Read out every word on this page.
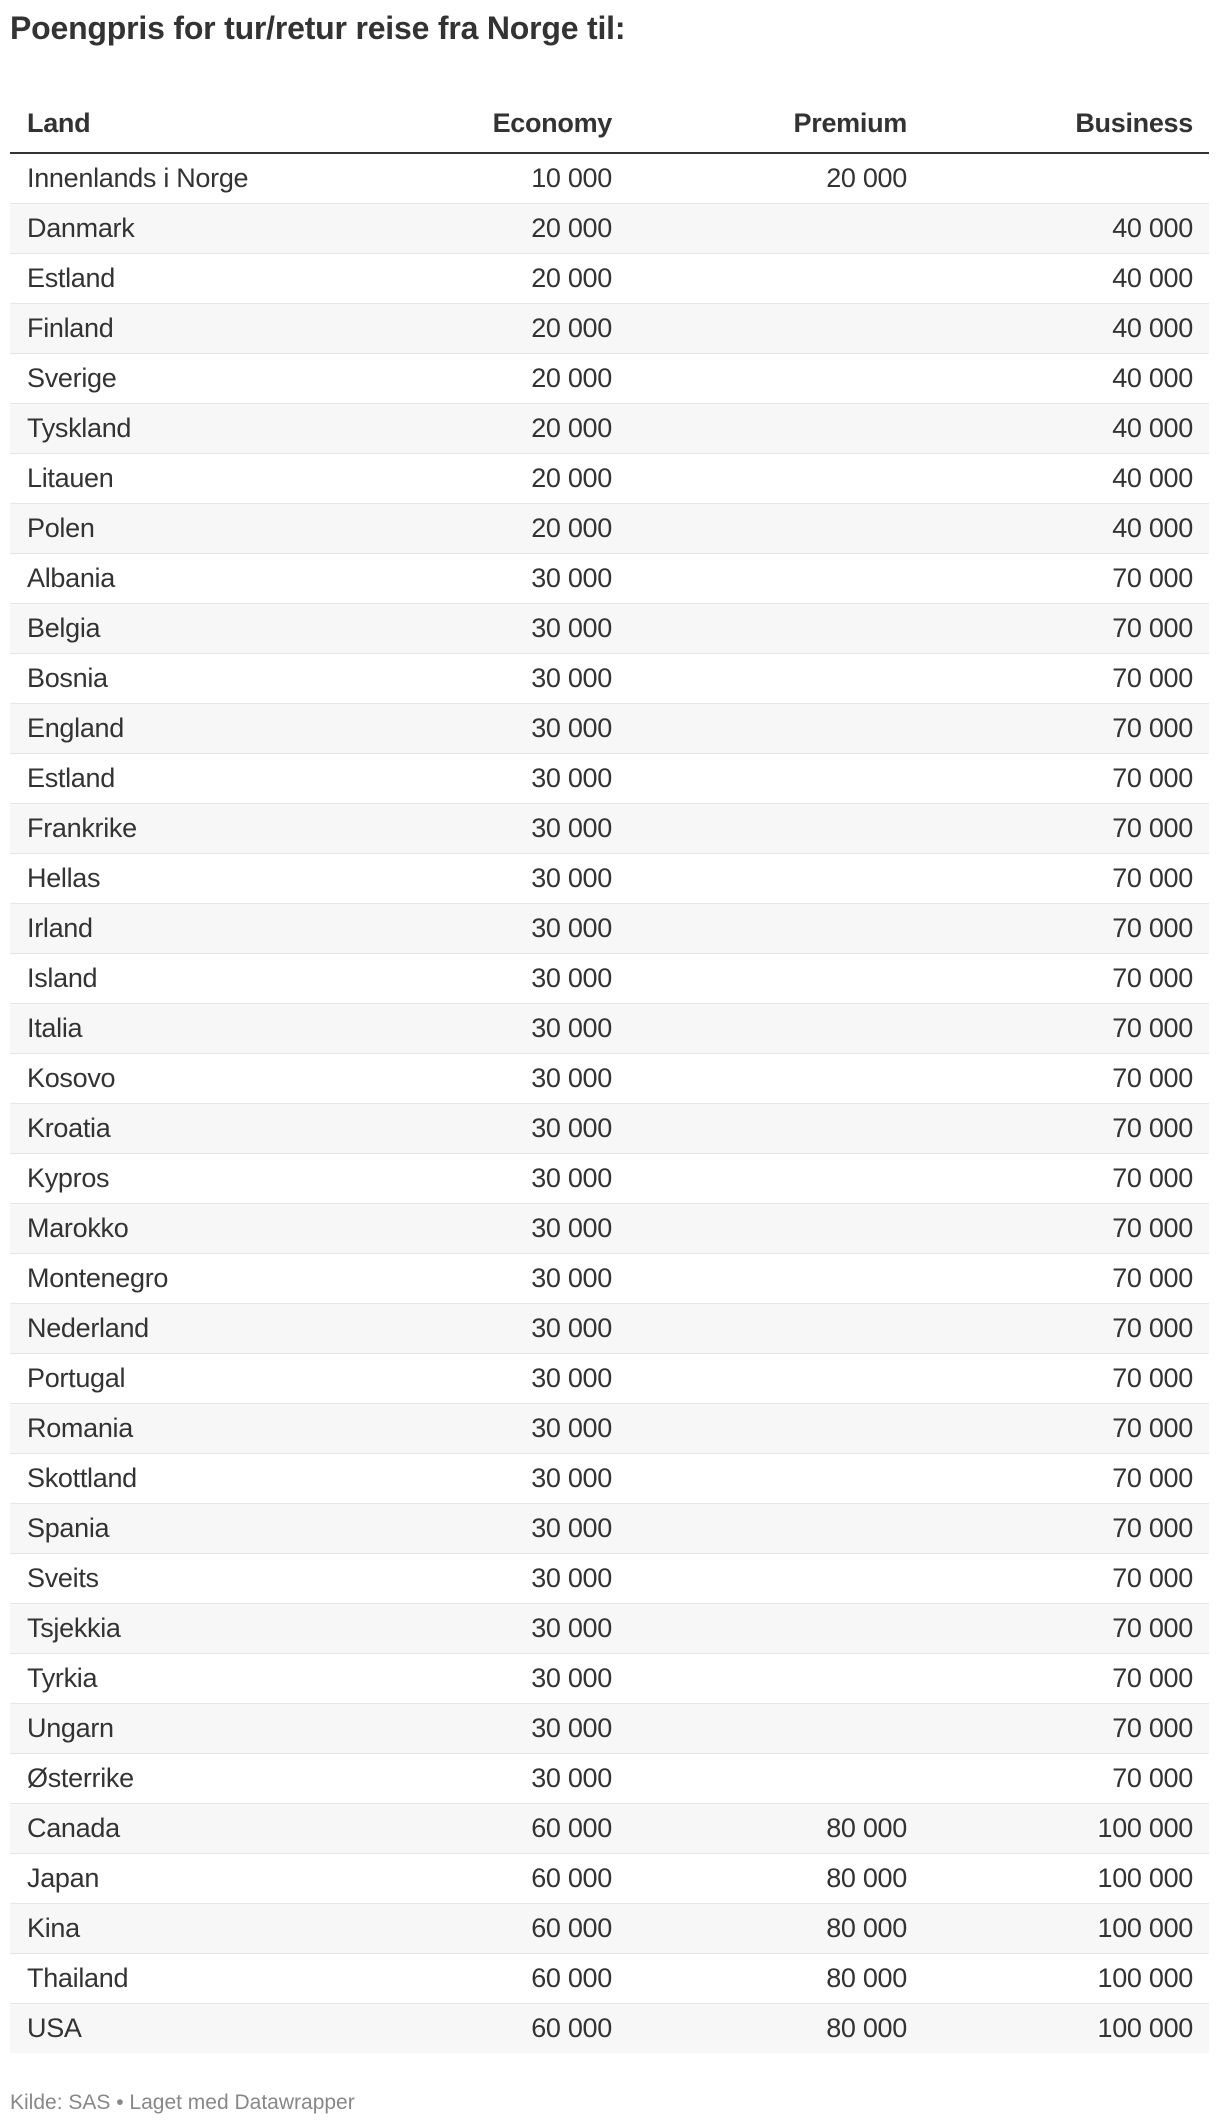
Poengpris for tur/retur reise fra Norge til:
Land	Economy	Premium	Business
Innenlands i Norge	10 000	20 000	
Danmark	20 000		40 000
Estland	20 000		40 000
Finland	20 000		40 000
Sverige	20 000		40 000
Tyskland	20 000		40 000
Litauen	20 000		40 000
Polen	20 000		40 000
Albania	30 000		70 000
Belgia	30 000		70 000
Bosnia	30 000		70 000
England	30 000		70 000
Estland	30 000		70 000
Frankrike	30 000		70 000
Hellas	30 000		70 000
Irland	30 000		70 000
Island	30 000		70 000
Italia	30 000		70 000
Kosovo	30 000		70 000
Kroatia	30 000		70 000
Kypros	30 000		70 000
Marokko	30 000		70 000
Montenegro	30 000		70 000
Nederland	30 000		70 000
Portugal	30 000		70 000
Romania	30 000		70 000
Skottland	30 000		70 000
Spania	30 000		70 000
Sveits	30 000		70 000
Tsjekkia	30 000		70 000
Tyrkia	30 000		70 000
Ungarn	30 000		70 000
Østerrike	30 000		70 000
Canada	60 000	80 000	100 000
Japan	60 000	80 000	100 000
Kina	60 000	80 000	100 000
Thailand	60 000	80 000	100 000
USA	60 000	80 000	100 000
Kilde: SAS • Laget med Datawrapper
